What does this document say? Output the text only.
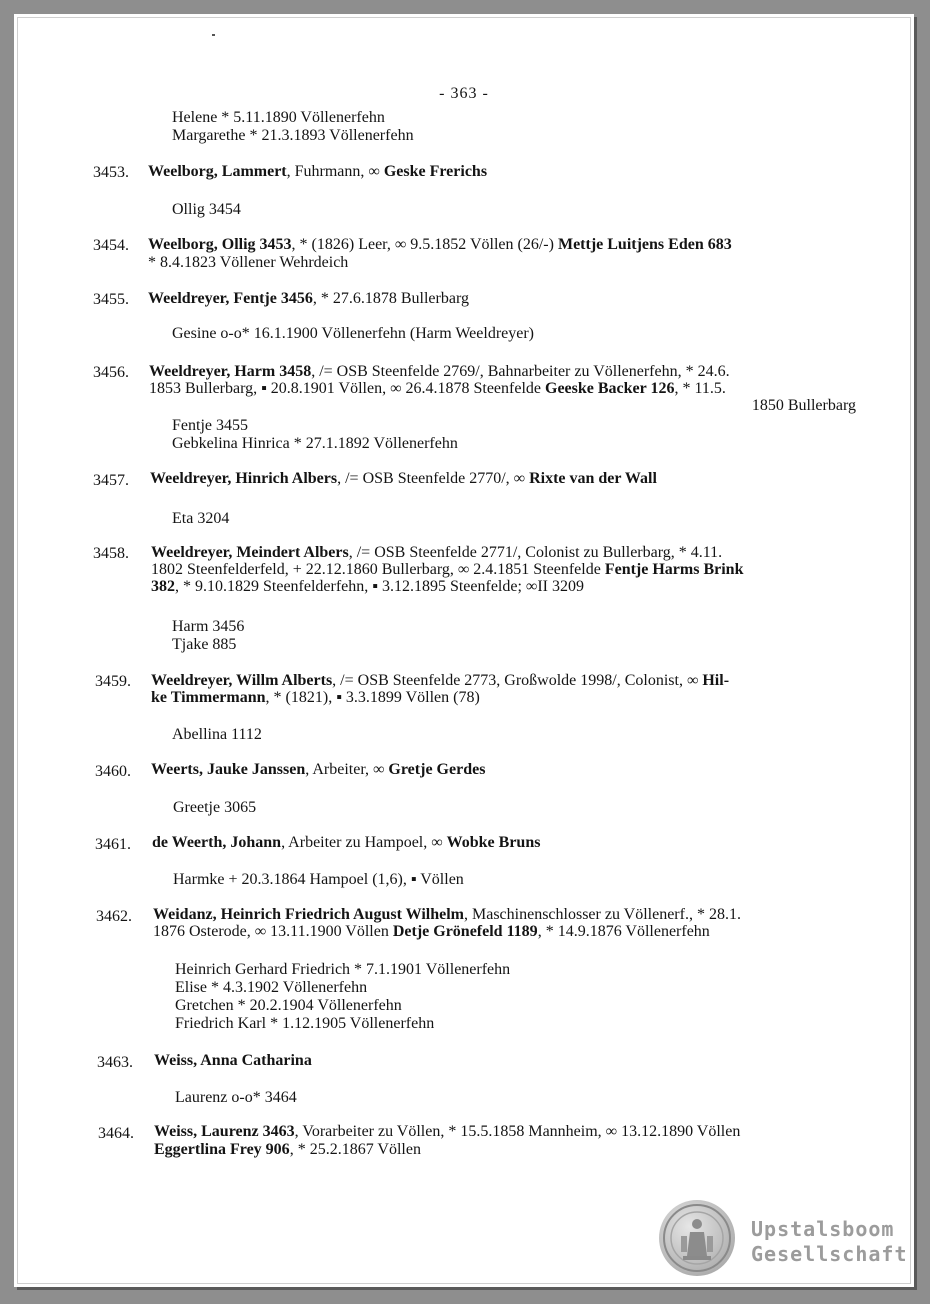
- 363 -
Helene * 5.11.1890 Völlenerfehn
Margarethe * 21.3.1893 Völlenerfehn
3453. Weelborg, Lammert, Fuhrmann, ∞ Geske Frerichs
Ollig 3454
3454. Weelborg, Ollig 3453, * (1826) Leer, ∞ 9.5.1852 Völlen (26/-) Mettje Luitjens Eden 683
* 8.4.1823 Völlener Wehrdeich
3455. Weeldreyer, Fentje 3456, * 27.6.1878 Bullerbarg
Gesine o-o* 16.1.1900 Völlenerfehn (Harm Weeldreyer)
3456. Weeldreyer, Harm 3458, /= OSB Steenfelde 2769/, Bahnarbeiter zu Völlenerfehn, * 24.6.
1853 Bullerbarg, ▪ 20.8.1901 Völlen, ∞ 26.4.1878 Steenfelde Geeske Backer 126, * 11.5.
1850 Bullerbarg
Fentje 3455
Gebkelina Hinrica * 27.1.1892 Völlenerfehn
3457. Weeldreyer, Hinrich Albers, /= OSB Steenfelde 2770/, ∞ Rixte van der Wall
Eta 3204
3458. Weeldreyer, Meindert Albers, /= OSB Steenfelde 2771/, Colonist zu Bullerbarg, * 4.11.
1802 Steenfelderfeld, + 22.12.1860 Bullerbarg, ∞ 2.4.1851 Steenfelde Fentje Harms Brink
382, * 9.10.1829 Steenfelderfehn, ▪ 3.12.1895 Steenfelde; ∞II 3209
Harm 3456
Tjake 885
3459. Weeldreyer, Willm Alberts, /= OSB Steenfelde 2773, Großwolde 1998/, Colonist, ∞ Hil-
ke Timmermann, * (1821), ▪ 3.3.1899 Völlen (78)
Abellina 1112
3460. Weerts, Jauke Janssen, Arbeiter, ∞ Gretje Gerdes
Greetje 3065
3461. de Weerth, Johann, Arbeiter zu Hampoel, ∞ Wobke Bruns
Harmke + 20.3.1864 Hampoel (1,6), ▪ Völlen
3462. Weidanz, Heinrich Friedrich August Wilhelm, Maschinenschlosser zu Völlenerf., * 28.1.
1876 Osterode, ∞ 13.11.1900 Völlen Detje Grönefeld 1189, * 14.9.1876 Völlenerfehn
Heinrich Gerhard Friedrich * 7.1.1901 Völlenerfehn
Elise * 4.3.1902 Völlenerfehn
Gretchen * 20.2.1904 Völlenerfehn
Friedrich Karl * 1.12.1905 Völlenerfehn
3463. Weiss, Anna Catharina
Laurenz o-o* 3464
3464. Weiss, Laurenz 3463, Vorarbeiter zu Völlen, * 15.5.1858 Mannheim, ∞ 13.12.1890 Völlen
Eggertlina Frey 906, * 25.2.1867 Völlen
Upstalsboom
Gesellschaft
